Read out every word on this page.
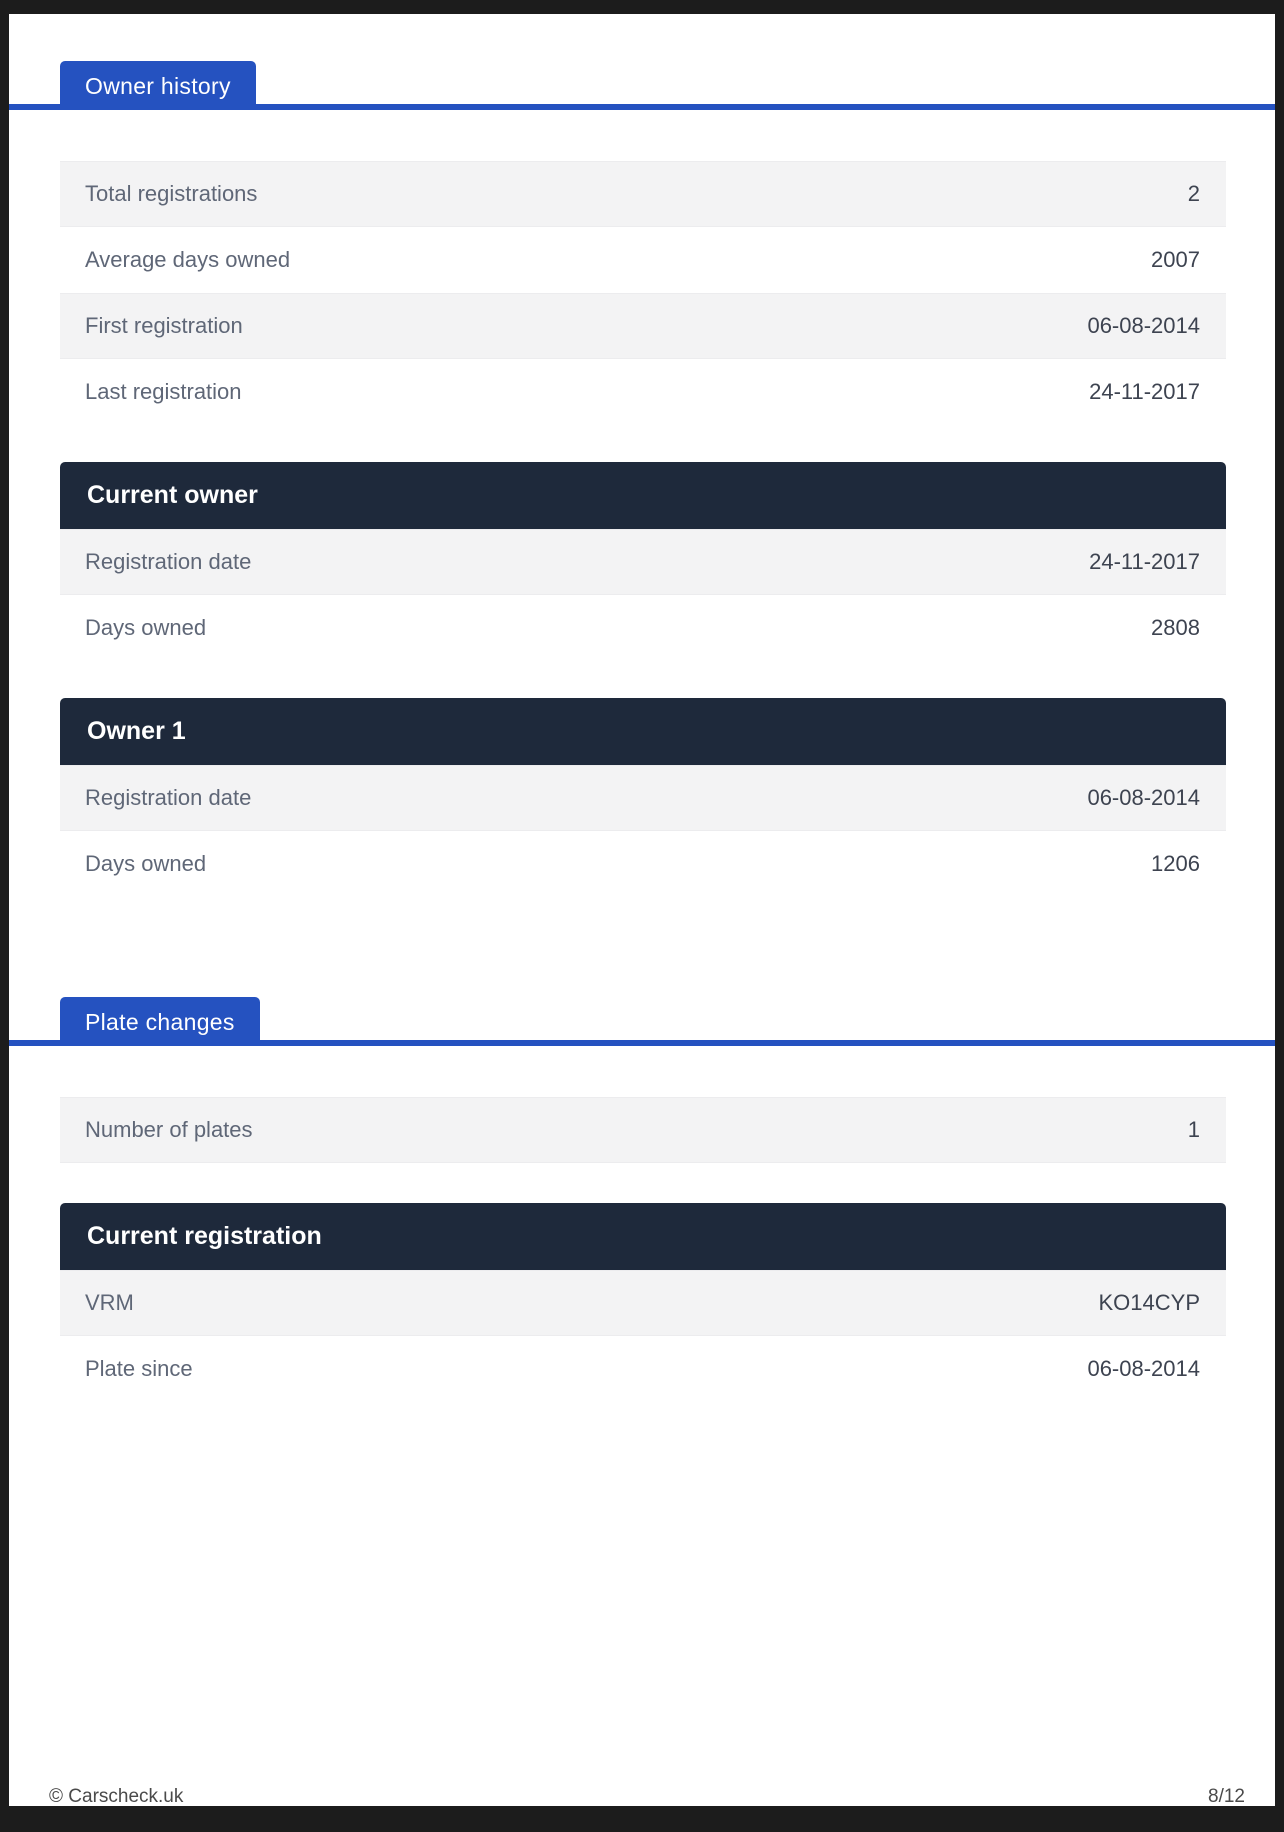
Owner history
Total registrations	2
Average days owned	2007
First registration	06-08-2014
Last registration	24-11-2017
Current owner
Registration date	24-11-2017
Days owned	2808
Owner 1
Registration date	06-08-2014
Days owned	1206
Plate changes
Number of plates	1
Current registration
VRM	KO14CYP
Plate since	06-08-2014
© Carscheck.uk	8/12
